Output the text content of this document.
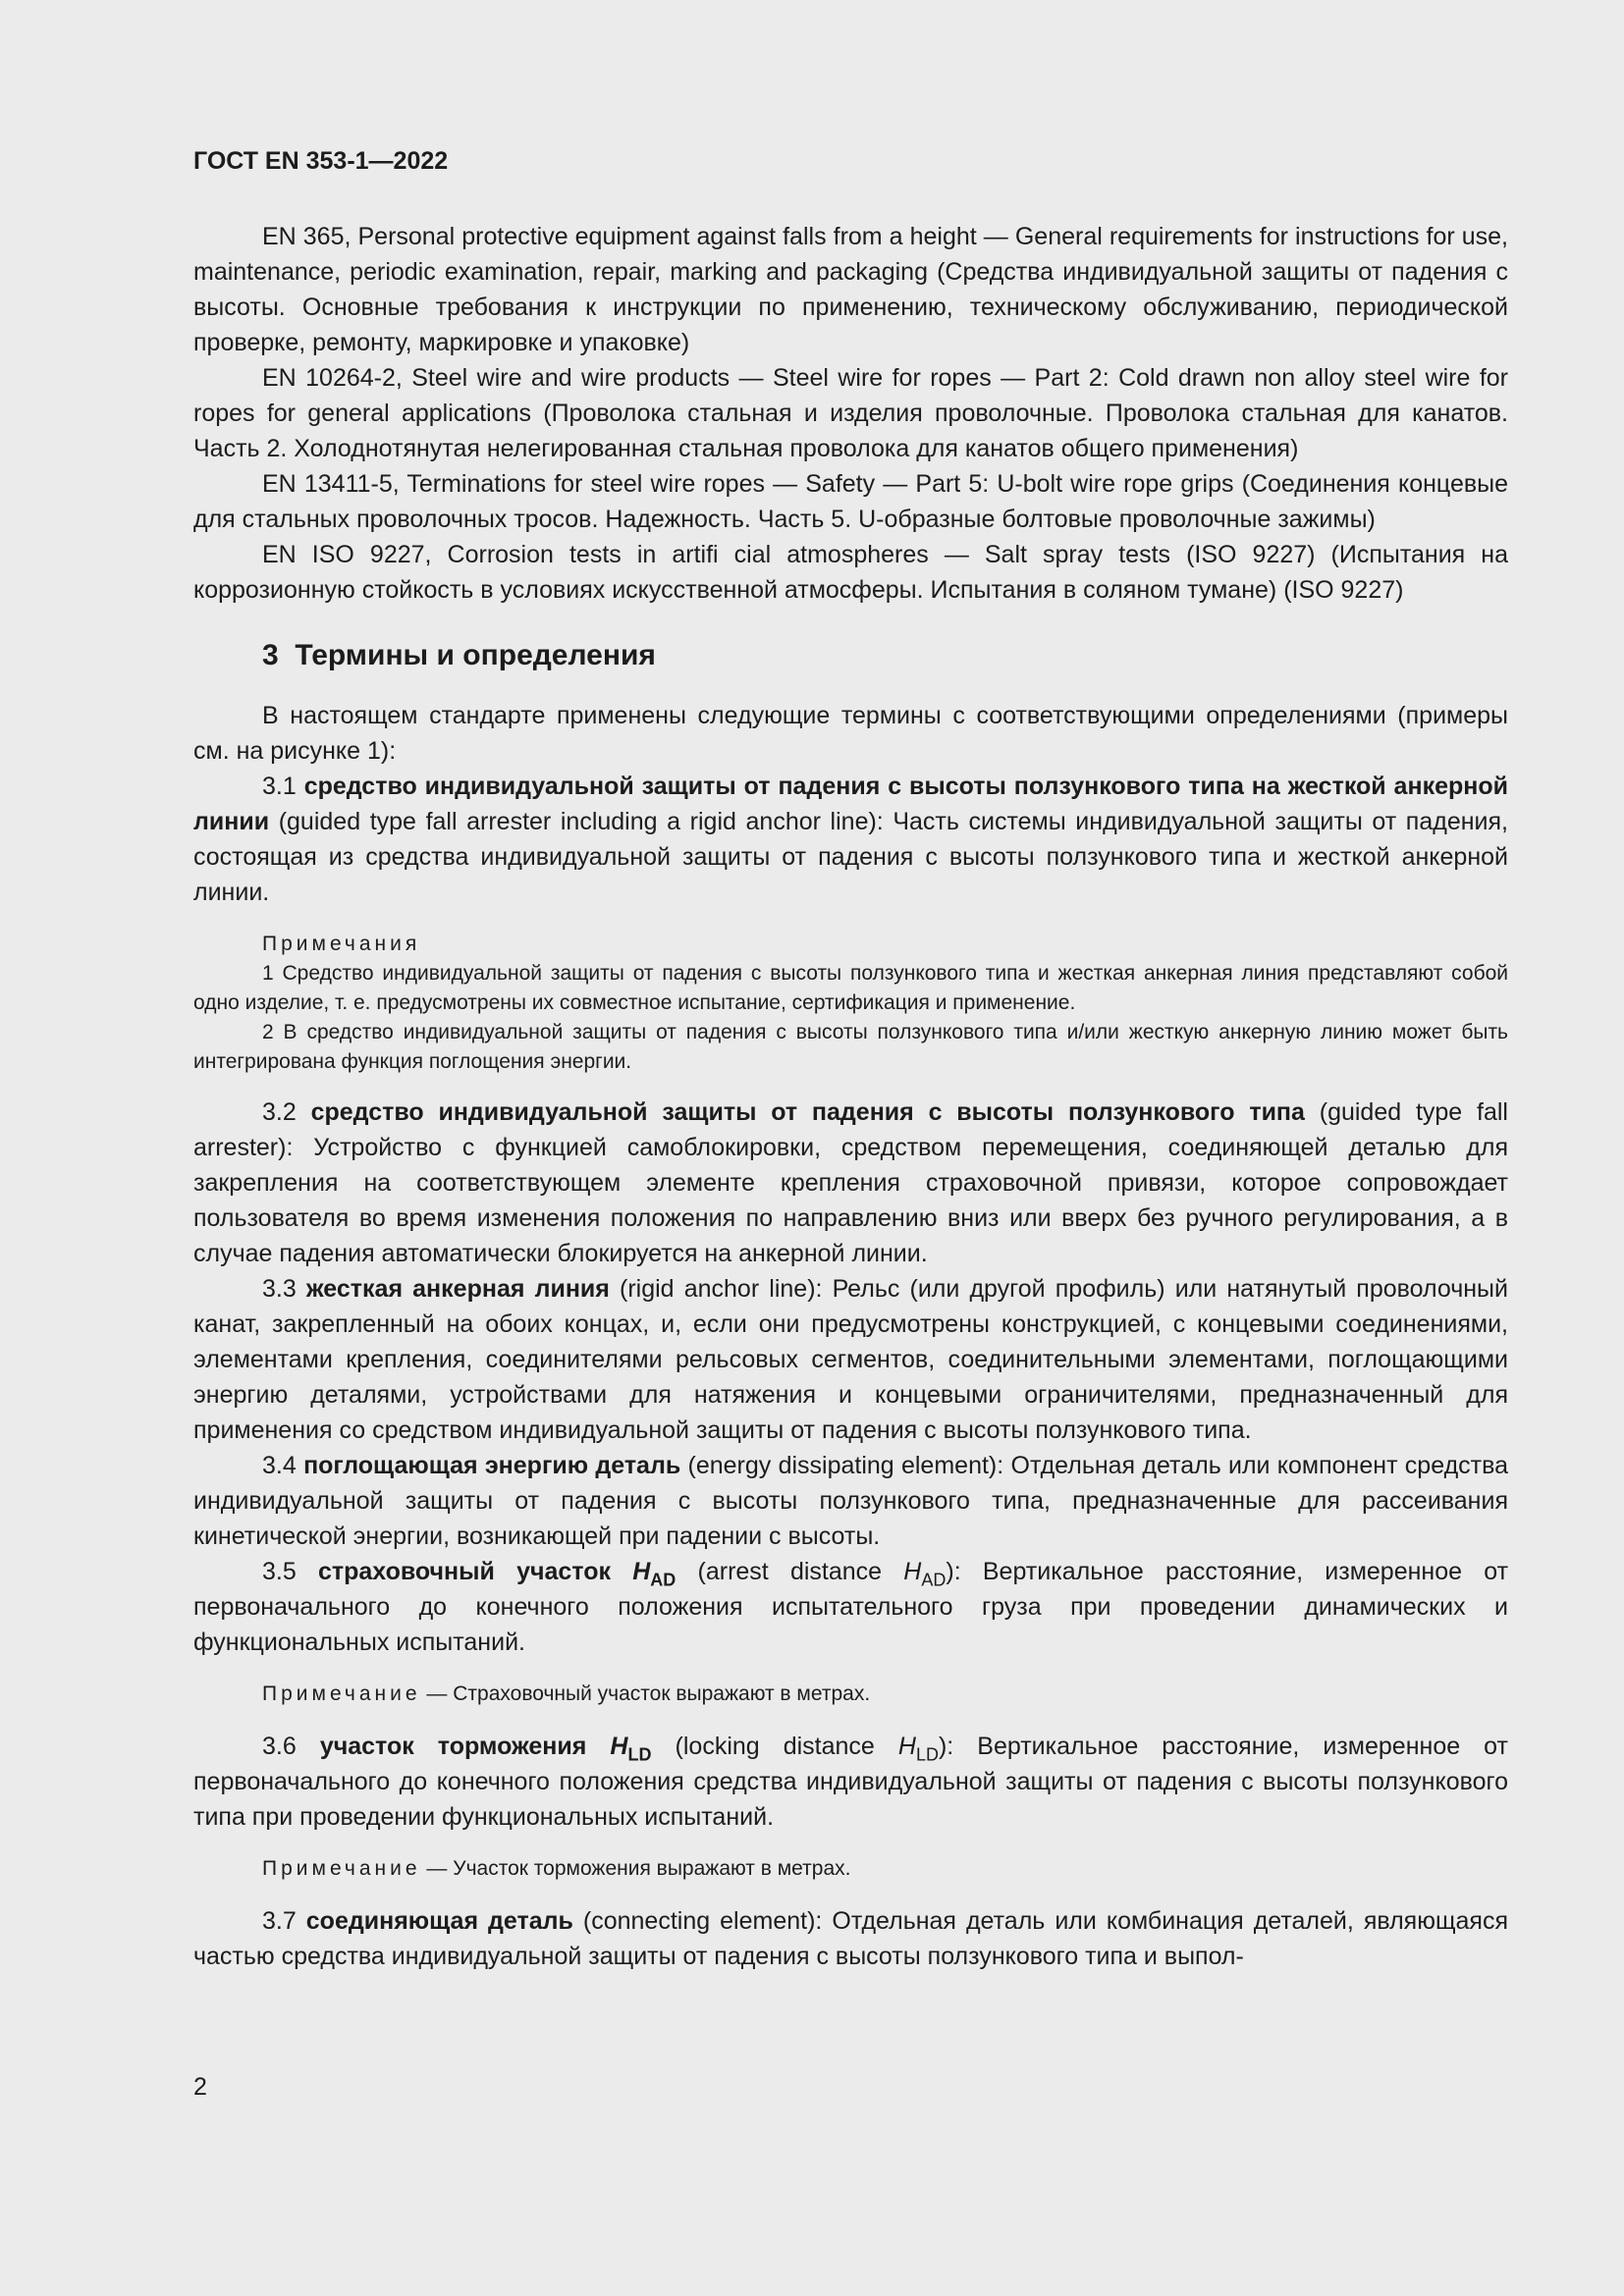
ГОСТ EN 353-1—2022

EN 365, Personal protective equipment against falls from a height — General requirements for instructions for use, maintenance, periodic examination, repair, marking and packaging (Средства индивидуальной защиты от падения с высоты. Основные требования к инструкции по применению, техническому обслуживанию, периодической проверке, ремонту, маркировке и упаковке)

EN 10264-2, Steel wire and wire products — Steel wire for ropes — Part 2: Cold drawn non alloy steel wire for ropes for general applications (Проволока стальная и изделия проволочные. Проволока стальная для канатов. Часть 2. Холоднотянутая нелегированная стальная проволока для канатов общего применения)

EN 13411-5, Terminations for steel wire ropes — Safety — Part 5: U-bolt wire rope grips (Соединения концевые для стальных проволочных тросов. Надежность. Часть 5. U-образные болтовые проволочные зажимы)

EN ISO 9227, Corrosion tests in artifi cial atmospheres — Salt spray tests (ISO 9227) (Испытания на коррозионную стойкость в условиях искусственной атмосферы. Испытания в соляном тумане) (ISO 9227)

3 Термины и определения

В настоящем стандарте применены следующие термины с соответствующими определениями (примеры см. на рисунке 1):

3.1 средство индивидуальной защиты от падения с высоты ползункового типа на жесткой анкерной линии (guided type fall arrester including a rigid anchor line): Часть системы индивидуальной защиты от падения, состоящая из средства индивидуальной защиты от падения с высоты ползункового типа и жесткой анкерной линии.

Примечания

1 Средство индивидуальной защиты от падения с высоты ползункового типа и жесткая анкерная линия представляют собой одно изделие, т. е. предусмотрены их совместное испытание, сертификация и применение.

2 В средство индивидуальной защиты от падения с высоты ползункового типа и/или жесткую анкерную линию может быть интегрирована функция поглощения энергии.

3.2 средство индивидуальной защиты от падения с высоты ползункового типа (guided type fall arrester): Устройство с функцией самоблокировки, средством перемещения, соединяющей деталью для закрепления на соответствующем элементе крепления страховочной привязи, которое сопровождает пользователя во время изменения положения по направлению вниз или вверх без ручного регулирования, а в случае падения автоматически блокируется на анкерной линии.

3.3 жесткая анкерная линия (rigid anchor line): Рельс (или другой профиль) или натянутый проволочный канат, закрепленный на обоих концах, и, если они предусмотрены конструкцией, с концевыми соединениями, элементами крепления, соединителями рельсовых сегментов, соединительными элементами, поглощающими энергию деталями, устройствами для натяжения и концевыми ограничителями, предназначенный для применения со средством индивидуальной защиты от падения с высоты ползункового типа.

3.4 поглощающая энергию деталь (energy dissipating element): Отдельная деталь или компонент средства индивидуальной защиты от падения с высоты ползункового типа, предназначенные для рассеивания кинетической энергии, возникающей при падении с высоты.

3.5 страховочный участок $H_{AD}$ (arrest distance $H_{AD}$): Вертикальное расстояние, измеренное от первоначального до конечного положения испытательного груза при проведении динамических и функциональных испытаний.

Примечание — Страховочный участок выражают в метрах.

3.6 участок торможения $H_{LD}$ (locking distance $H_{LD}$): Вертикальное расстояние, измеренное от первоначального до конечного положения средства индивидуальной защиты от падения с высоты ползункового типа при проведении функциональных испытаний.

Примечание — Участок торможения выражают в метрах.

3.7 соединяющая деталь (connecting element): Отдельная деталь или комбинация деталей, являющаяся частью средства индивидуальной защиты от падения с высоты ползункового типа и выпол-

2
